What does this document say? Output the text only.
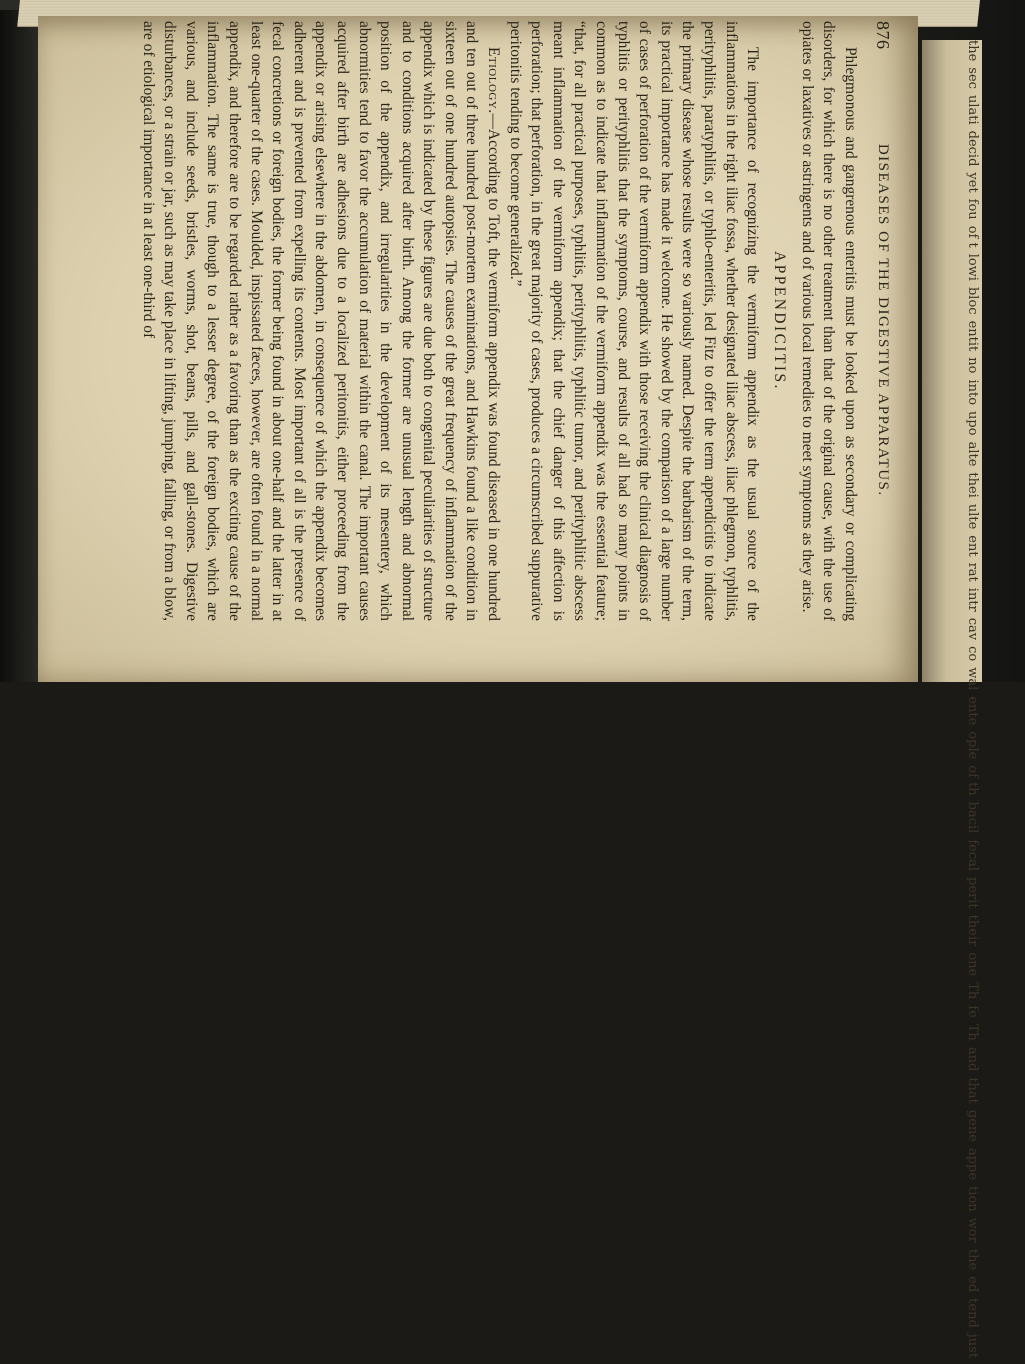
876
DISEASES OF THE DIGESTIVE APPARATUS.

Phlegmonous and gangrenous enteritis must be looked upon as secondary or complicating disorders, for which there is no other treatment than that of the original cause, with the use of opiates or laxatives or astringents and of various local remedies to meet symptoms as they arise.

APPENDICITIS.

The importance of recognizing the vermiform appendix as the usual source of the inflammations in the right iliac fossa, whether designated iliac abscess, iliac phlegmon, typhlitis, perityphlitis, paratyphlitis, or typhlo-enteritis, led Fitz to offer the term appendicitis to indicate the primary disease whose results were so variously named. Despite the barbarism of the term, its practical importance has made it welcome. He showed by the comparison of a large number of cases of perforation of the vermiform appendix with those receiving the clinical diagnosis of typhlitis or perityphlitis that the symptoms, course, and results of all had so many points in common as to indicate that inflammation of the vermiform appendix was the essential feature; “that, for all practical purposes, typhlitis, perityphlitis, typhlitic tumor, and perityphlitic abscess meant inflammation of the vermiform appendix; that the chief danger of this affection is perforation; that perforation, in the great majority of cases, produces a circumscribed suppurative peritonitis tending to become generalized.”

Etiology.—According to Toft, the vermiform appendix was found diseased in one hundred and ten out of three hundred post-mortem examinations, and Hawkins found a like condition in sixteen out of one hundred autopsies. The causes of the great frequency of inflammation of the appendix which is indicated by these figures are due both to congenital peculiarities of structure and to conditions acquired after birth. Among the former are unusual length and abnormal position of the appendix, and irregularities in the development of its mesentery, which abnormities tend to favor the accumulation of material within the canal. The important causes acquired after birth are adhesions due to a localized peritonitis, either proceeding from the appendix or arising elsewhere in the abdomen, in consequence of which the appendix becomes adherent and is prevented from expelling its contents. Most important of all is the presence of fecal concretions or foreign bodies, the former being found in about one-half and the latter in at least one-quarter of the cases. Moulded, inspissated fæces, however, are often found in a normal appendix, and therefore are to be regarded rather as a favoring than as the exciting cause of the inflammation. The same is true, though to a lesser degree, of the foreign bodies, which are various, and include seeds, bristles, worms, shot, beans, pills, and gall-stones. Digestive disturbances, or a strain or jar, such as may take place in lifting, jumping, falling, or from a blow, are of etiological importance in at least one-third of	theseculatidecidyetfouof tlowiblocentitnointoupoaltetheiulteentratintrcavcowalenteopleof thbacilfecalperittheironeThfeThandthatgeneappetionwortheedtendjust
